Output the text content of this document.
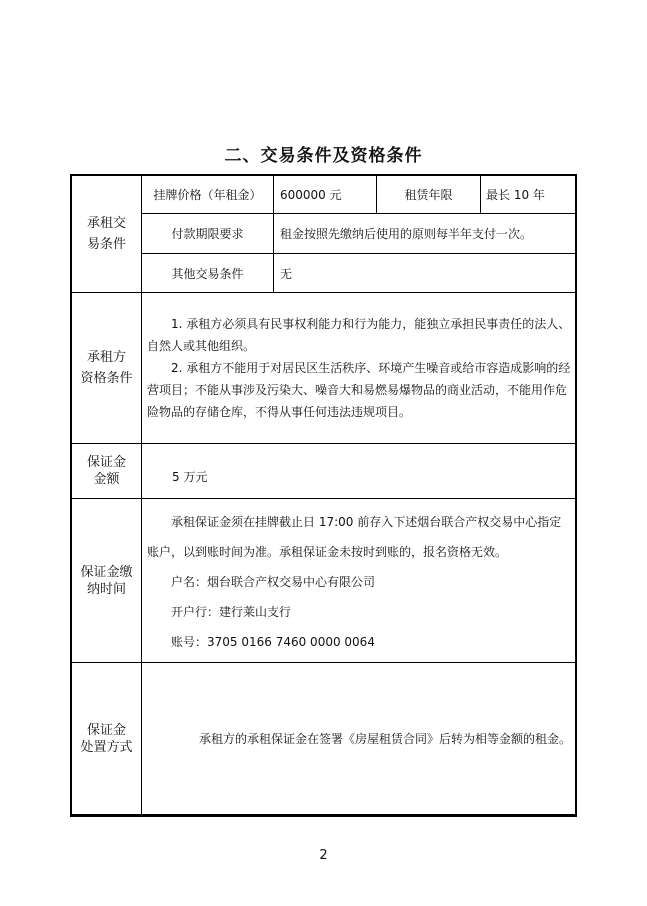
二、交易条件及资格条件
承租交
易条件
挂牌价格（年租金）	600000 元	租赁年限	最长 10 年
付款期限要求	租金按照先缴纳后使用的原则每半年支付一次。
其他交易条件	无
承租方
资格条件

1. 承租方必须具有民事权利能力和行为能力，能独立承担民事责任的法人、自然人或其他组织。

2. 承租方不能用于对居民区生活秩序、环境产生噪音或给市容造成影响的经营项目；不能从事涉及污染大、噪音大和易燃易爆物品的商业活动，不能用作危险物品的存储仓库，不得从事任何违法违规项目。

保证金
金额	5 万元
保证金缴
纳时间

承租保证金须在挂牌截止日 17:00 前存入下述烟台联合产权交易中心指定账户，以到账时间为准。承租保证金未按时到账的，报名资格无效。

户名：烟台联合产权交易中心有限公司

开户行：建行莱山支行

账号：3705 0166 7460 0000 0064

保证金
处置方式

承租方的承租保证金在签署《房屋租赁合同》后转为相等金额的租金。

2
